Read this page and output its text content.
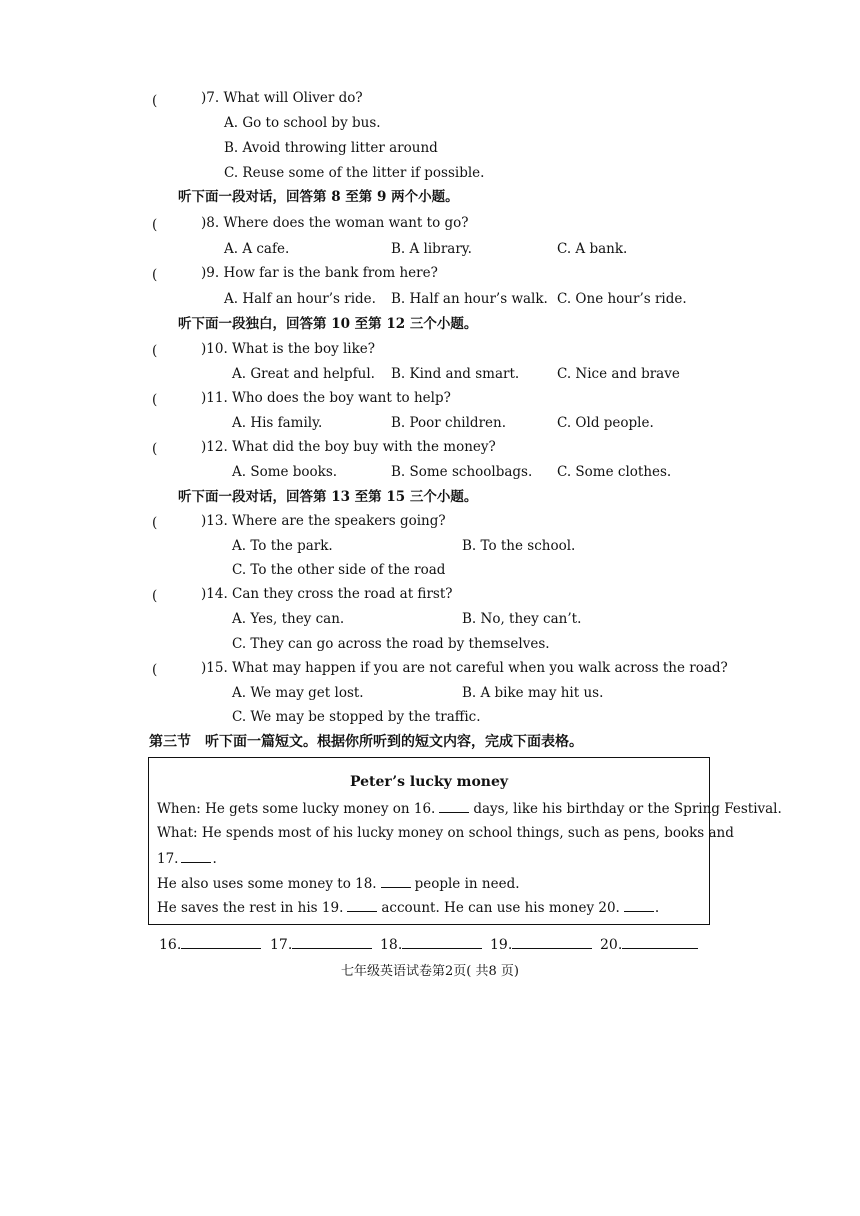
(	)7. What will Oliver do?
A. Go to school by bus.
B. Avoid throwing litter around
C. Reuse some of the litter if possible.
听下面一段对话，回答第 8 至第 9 两个小题。
(	)8. Where does the woman want to go?
A. A cafe.	B. A library.	C. A bank.
(	)9. How far is the bank from here?
A. Half an hour’s ride. B. Half an hour’s walk. C. One hour’s ride.
听下面一段独白，回答第 10 至第 12 三个小题。
(	)10. What is the boy like?
A. Great and helpful. B. Kind and smart.	C. Nice and brave
(	)11. Who does the boy want to help?
A. His family.	B. Poor children.	C. Old people.
(	)12. What did the boy buy with the money?
A. Some books.	B. Some schoolbags. C. Some clothes.
听下面一段对话，回答第 13 至第 15 三个小题。
(	)13. Where are the speakers going?
A. To the park.	B. To the school.
C. To the other side of the road
(	)14. Can they cross the road at first?
A. Yes, they can.	B. No, they can’t.
C. They can go across the road by themselves.
(	)15. What may happen if you are not careful when you walk across the road?
A. We may get lost.	B. A bike may hit us.
C. We may be stopped by the traffic.
第三节　听下面一篇短文。根据你所听到的短文内容，完成下面表格。
Peter’s lucky money
When: He gets some lucky money on 16.	days, like his birthday or the Spring Festival.
What: He spends most of his lucky money on school things, such as pens, books and
17.	.
He also uses some money to 18.	people in need.
He saves the rest in his 19.	account. He can use his money 20.	.
16.	17.	18.	19.	20.
七年级英语试卷第2页( 共8 页)
